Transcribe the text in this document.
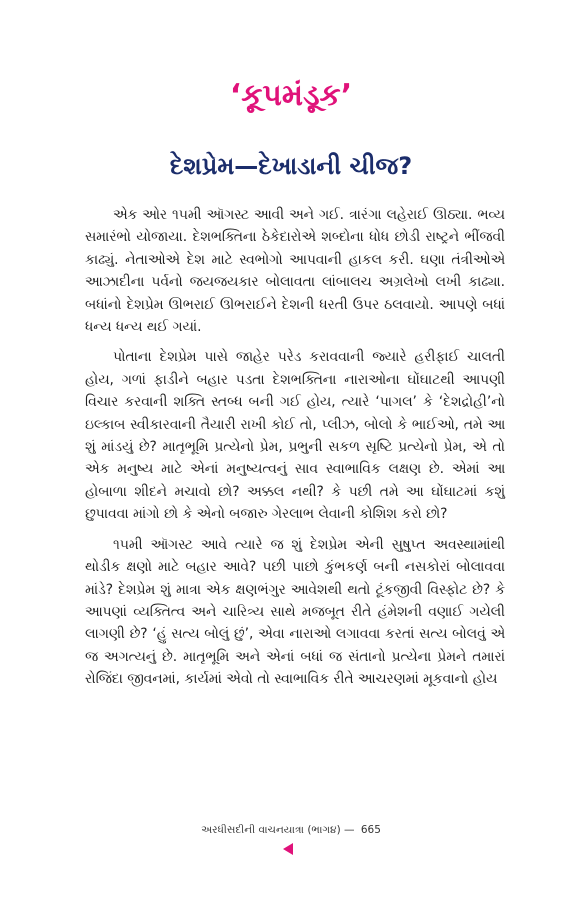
‘કૂપમંડૂક’
દેશપ્રેમ—દેખાડાની ચીજ?

એક ઓર ૧૫મી ઑગસ્ટ આવી અને ગઈ. ત્રારંગા લહેરાઈ ઊઠ્યા. ભવ્ય સમારંભો યોજાયા. દેશભક્તિના ઠેકેદારોએ શબ્દોના ધોધ છોડી રાષ્ટ્રને ભીંજવી કાઢ્યું. નેતાઓએ દેશ માટે સ્વભોગો આપવાની હાકલ કરી. ઘણા તંત્રીઓએ આઝાદીના પર્વનો જયજયકાર બોલાવતા લાંબાલચ અગ્રલેખો લખી કાઢ્યા. બધાંનો દેશપ્રેમ ઊભરાઈ ઊભરાઈને દેશની ધરતી ઉપર ઠલવાયો. આપણે બધાં ધન્ય ધન્ય થઈ ગયાં.

પોતાના દેશપ્રેમ પાસે જાહેર પરેડ કરાવવાની જ્યારે હરીફાઈ ચાલતી હોય, ગળાં ફાડીને બહાર પડતા દેશભક્તિના નારાઓના ઘોંઘાટથી આપણી વિચાર કરવાની શક્તિ સ્તબ્ધ બની ગઈ હોય, ત્યારે ‘પાગલ’ કે ‘દેશદ્રોહી’નો ઇલ્કાબ સ્વીકારવાની તૈયારી રાખી કોઈ તો, પ્લીઝ, બોલો કે ભાઈઓ, તમે આ શું માંડયું છે? માતૃભૂમિ પ્રત્યેનો પ્રેમ, પ્રભુની સકળ સૃષ્ટિ પ્રત્યેનો પ્રેમ, એ તો એક મનુષ્ય માટે એનાં મનુષ્યત્વનું સાવ સ્વાભાવિક લક્ષણ છે. એમાં આ હોબાળા શીદને મચાવો છો? અક્કલ નથી? કે પછી તમે આ ઘોંઘાટમાં કશું છુપાવવા માંગો છો કે એનો બજારુ ગેરલાભ લેવાની કોશિશ કરો છો?

૧૫મી ઑગસ્ટ આવે ત્યારે જ શું દેશપ્રેમ એની સુષુપ્ત અવસ્થામાંથી થોડીક ક્ષણો માટે બહાર આવે? પછી પાછો કુંભકર્ણ બની નસકોરાં બોલાવવા માંડે? દેશપ્રેમ શું માત્રા એક ક્ષણભંગુર આવેશથી થતો ટૂંકજીવી વિસ્ફોટ છે? કે આપણાં વ્યક્તિત્વ અને ચારિત્ર્ય સાથે મજબૂત રીતે હંમેશની વણાઈ ગયેલી લાગણી છે? ‘હું સત્ય બોલું છું’, એવા નારાઓ લગાવવા કરતાં સત્ય બોલવું એ જ અગત્યનું છે. માતૃભૂમિ અને એનાં બધાં જ સંતાનો પ્રત્યેના પ્રેમને તમારાં રોજિંદા જીવનમાં, કાર્યમાં એવો તો સ્વાભાવિક રીતે આચરણમાં મૂકવાનો હોય

અરધીસદીની વાચનયાત્રા (ભાગ૪) — 665
